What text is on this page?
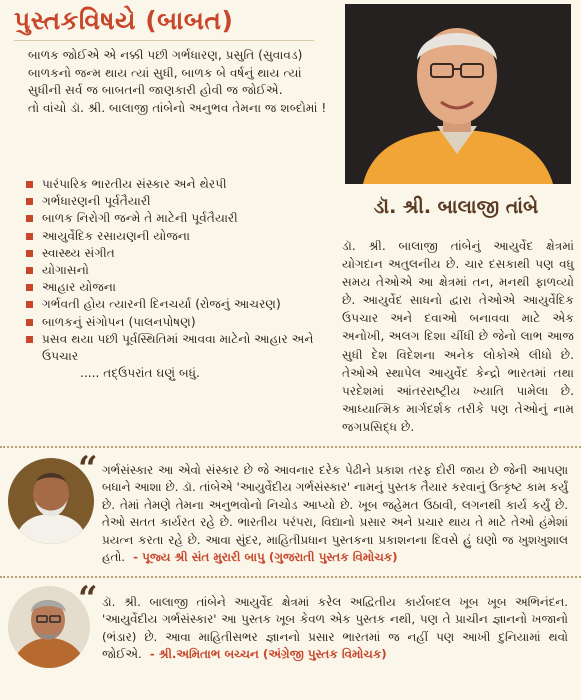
પુસ્તકવિષયે (બાબત)

બાળક જોઈએ એ નક્કી પછી ગર્ભધારણ, પ્રસુતિ (સુવાવડ) બાળકનો જન્મ થાય ત્યાં સુધી, બાળક બે વર્ષનું થાય ત્યાં સુધીની સર્વ જ બાબતની જાણકારી હોવી જ જોઈએ.

તો વાંચો ડૉ. શ્રી. બાલાજી તાંબેનો અનુભવ તેમના જ શબ્દોમાં !

પારંપારિક ભારતીય સંસ્કાર અને થેરપી
ગર્ભધારણની પૂર્વતૈયારી
બાળક નિરોગી જન્મે તે માટેની પૂર્વતૈયારી
આયુર્વેદિક રસાયણની યોજના
સ્વાસ્થ્ય સંગીત
યોગાસનો
આહાર યોજના
ગર્ભવતી હોય ત્યારની દિનચર્યા (રોજનું આચરણ)
બાળકનું સંગોપન (પાલનપોષણ)
પ્રસવ થયા પછી પૂર્વસ્થિતિમાં આવવા માટેનો આહાર અને ઉપચાર
..... તદ્ઉપરાંત ઘણું બધું.
ડૉ. શ્રી. બાલાજી તાંબે

ડૉ. શ્રી. બાલાજી તાંબેનું આયુર્વેદ ક્ષેત્રમાં યોગદાન અતુલનીય છે. ચાર દસકાથી પણ વધુ સમય તેઓએ આ ક્ષેત્રમાં તન, મનથી ફાળવ્યો છે. આયુર્વેદ સાધનો દ્વારા તેઓએ આયુર્વેદિક ઉપચાર અને દવાઓ બનાવવા માટે એક અનોખી, અલગ દિશા ચીંધી છે જેનો લાભ આજ સુધી દેશ વિદેશના અનેક લોકોએ લીધો છે. તેઓએ સ્થાપેલ આયુર્વેદ કેન્દ્રો ભારતમાં તથા પરદેશમાં આંતરરાષ્ટ્રીય ખ્યાતિ પામેલા છે. આધ્યાત્મિક માર્ગદર્શક તરીકે પણ તેઓનું નામ જગપ્રસિદ્ધ છે.

“ ગર્ભસંસ્કાર આ એવો સંસ્કાર છે જે આવનાર દરેક પેઢીને પ્રકાશ તરફ દોરી જાય છે જેની આપણા બધાને આશા છે. ડૉ. તાંબેએ 'આયુર્વેદીય ગર્ભસંસ્કાર' નામનું પુસ્તક તૈયાર કરવાનું ઉત્કૃષ્ટ કામ કર્યું છે. તેમાં તેમણે તેમના અનુભવોનો નિચોડ આપ્યો છે. ખૂબ જહેમત ઉઠાવી, લગનથી કાર્ય કર્યું છે. તેઓ સતત કાર્યરત રહે છે. ભારતીય પરંપરા, વિદ્યાનો પ્રસાર અને પ્રચાર થાય તે માટે તેઓ હંમેશાં પ્રયત્ન કરતા રહે છે. આવા સુંદર, માહિતીપ્રધાન પુસ્તકના પ્રકાશનના દિવસે હું ઘણો જ ખુશખુશાલ હતો. - પૂજ્ય શ્રી સંત મુરારી બાપુ (ગુજરાતી પુસ્તક વિમોચક)

“ ડૉ. શ્રી. બાલાજી તાંબેને આયુર્વેદ ક્ષેત્રમાં કરેલ અદ્વિતીય કાર્યબદલ ખૂબ ખૂબ અભિનંદન. 'આયુર્વેદીય ગર્ભસંસ્કાર' આ પુસ્તક ખૂબ કેવળ એક પુસ્તક નથી, પણ તે પ્રાચીન જ્ઞાનનો ખજાનો (ભંડાર) છે. આવા માહિતીસભર જ્ઞાનનો પ્રસાર ભારતમાં જ નહીં પણ આખી દુનિયામાં થવો જોઈએ. - શ્રી.અમિતાભ બચ્ચન (અંગ્રેજી પુસ્તક વિમોચક)
